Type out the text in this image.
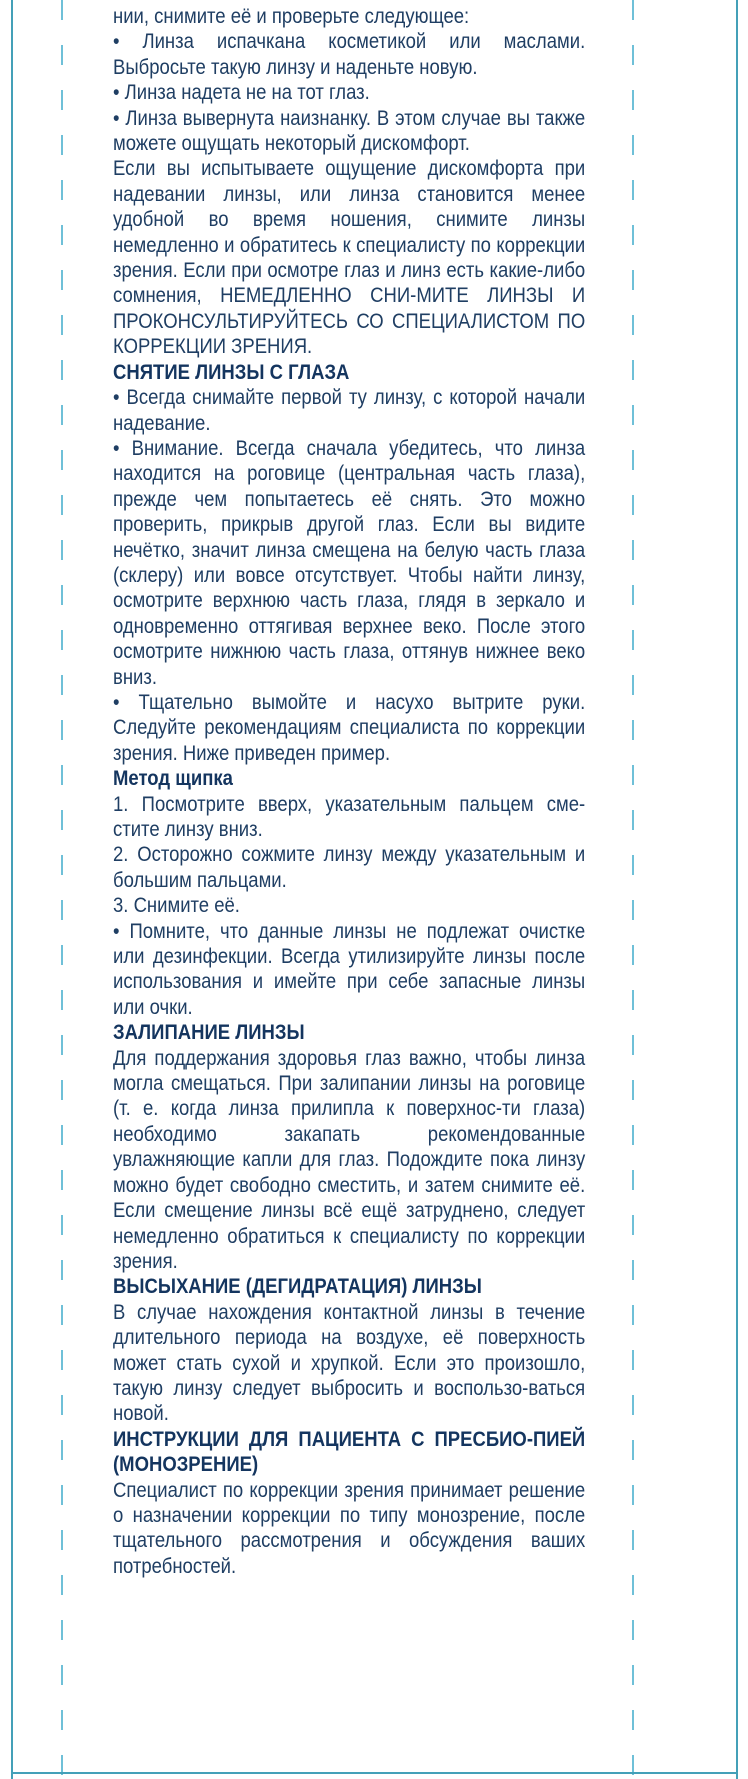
нии, снимите её и проверьте следующее:

• Линза испачкана косметикой или маслами. Выбросьте такую линзу и наденьте новую.

• Линза надета не на тот глаз.

• Линза вывернута наизнанку. В этом случае вы также можете ощущать некоторый дискомфорт.

Если вы испытываете ощущение дискомфорта при надевании линзы, или линза становится менее удобной во время ношения, снимите линзы немедленно и обратитесь к специалисту по коррекции зрения. Если при осмотре глаз и линз есть какие-либо сомнения, НЕМЕДЛЕННО СНИ-МИТЕ ЛИНЗЫ И ПРОКОНСУЛЬТИРУЙТЕСЬ СО СПЕЦИАЛИСТОМ ПО КОРРЕКЦИИ ЗРЕНИЯ.

СНЯТИЕ ЛИНЗЫ С ГЛАЗА

• Всегда снимайте первой ту линзу, с которой начали надевание.

• Внимание. Всегда сначала убедитесь, что линза находится на роговице (центральная часть глаза), прежде чем попытаетесь её снять. Это можно проверить, прикрыв другой глаз. Если вы видите нечётко, значит линза смещена на белую часть глаза (склеру) или вовсе отсутствует. Чтобы найти линзу, осмотрите верхнюю часть глаза, глядя в зеркало и одновременно оттягивая верхнее веко. После этого осмотрите нижнюю часть глаза, оттянув нижнее веко вниз.

• Тщательно вымойте и насухо вытрите руки. Следуйте рекомендациям специалиста по коррекции зрения. Ниже приведен пример.

Метод щипка

1. Посмотрите вверх, указательным пальцем сме-стите линзу вниз.

2. Осторожно сожмите линзу между указательным и большим пальцами.

3. Снимите её.

• Помните, что данные линзы не подлежат очистке или дезинфекции. Всегда утилизируйте линзы после использования и имейте при себе запасные линзы или очки.

ЗАЛИПАНИЕ ЛИНЗЫ

Для поддержания здоровья глаз важно, чтобы линза могла смещаться. При залипании линзы на роговице (т. е. когда линза прилипла к поверхнос-ти глаза) необходимо закапать рекомендованные увлажняющие капли для глаз. Подождите пока линзу можно будет свободно сместить, и затем снимите её. Если смещение линзы всё ещё затруднено, следует немедленно обратиться к специалисту по коррекции зрения.

ВЫСЫХАНИЕ (ДЕГИДРАТАЦИЯ) ЛИНЗЫ

В случае нахождения контактной линзы в течение длительного периода на воздухе, её поверхность может стать сухой и хрупкой. Если это произошло, такую линзу следует выбросить и воспользо-ваться новой.

ИНСТРУКЦИИ ДЛЯ ПАЦИЕНТА С ПРЕСБИО-ПИЕЙ (МОНОЗРЕНИЕ)

Специалист по коррекции зрения принимает решение о назначении коррекции по типу монозрение, после тщательного рассмотрения и обсуждения ваших потребностей.
